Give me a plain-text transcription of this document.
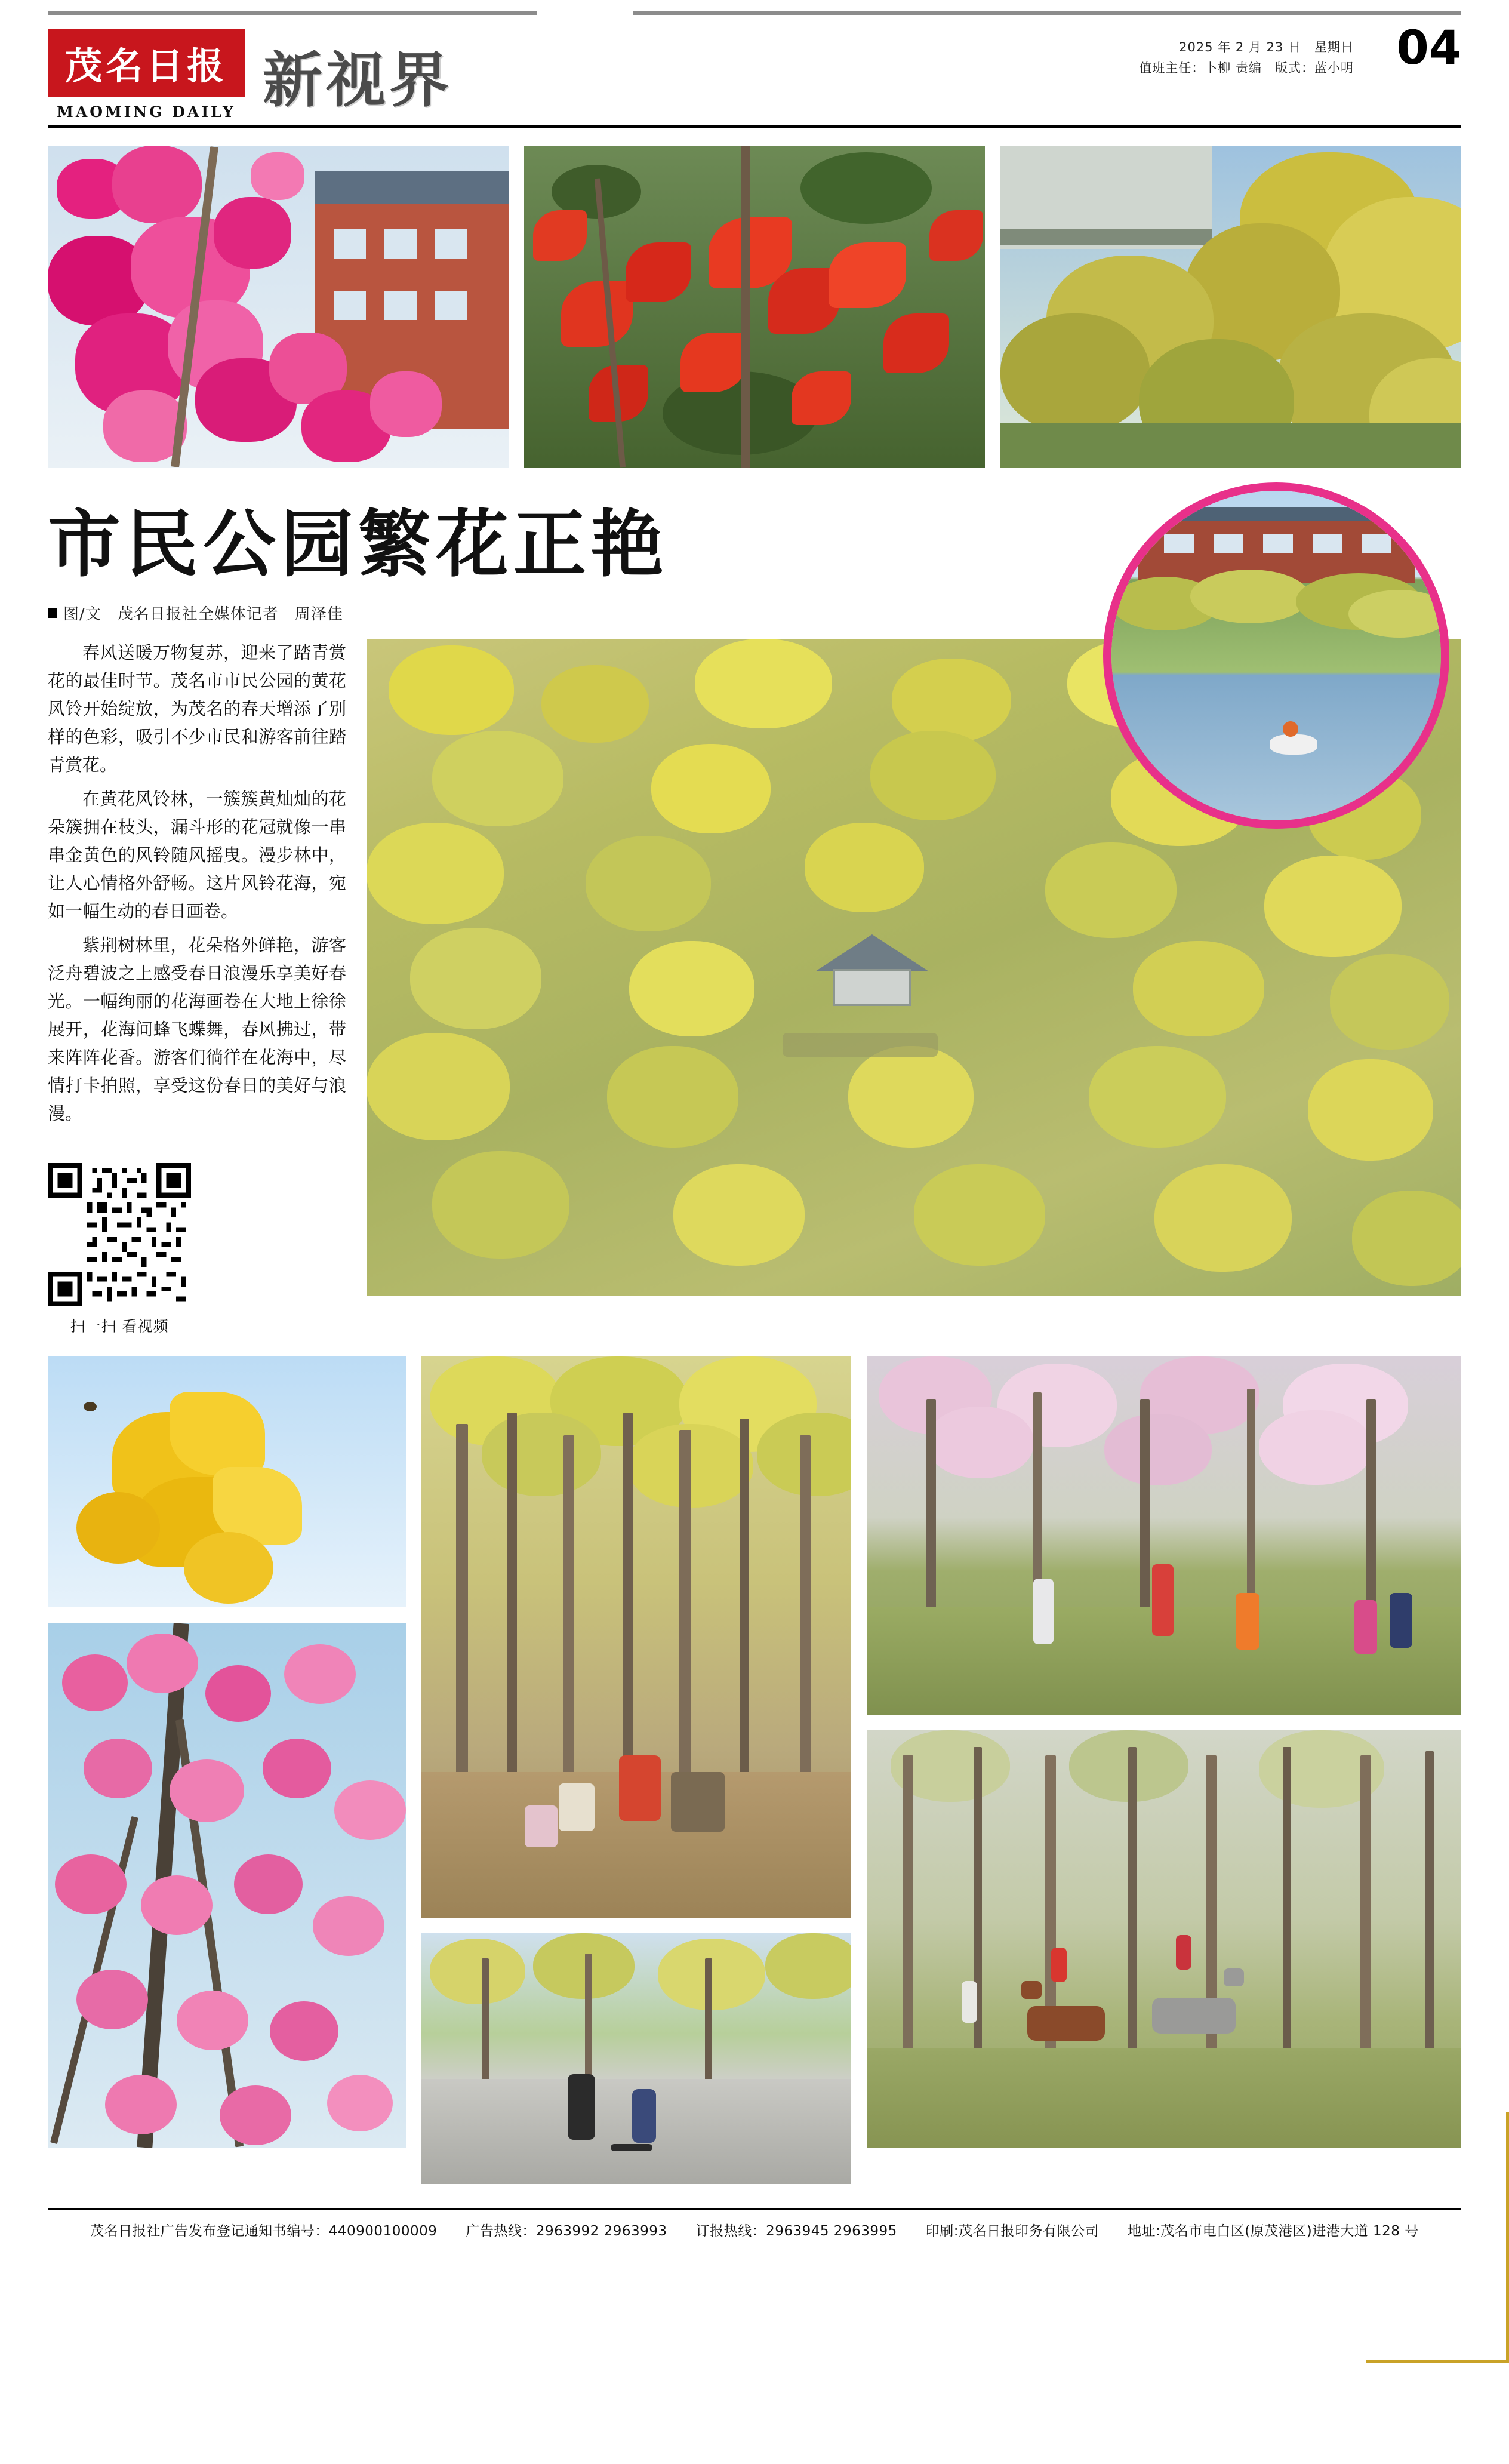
茂名日报
MAOMING DAILY 新视界	2025 年 2 月 23 日　星期日
值班主任：卜柳 责编　版式：蓝小明 04
市民公园繁花正艳
图/文　茂名日报社全媒体记者　周泽佳

春风送暖万物复苏，迎来了踏青赏花的最佳时节。茂名市市民公园的黄花风铃开始绽放，为茂名的春天增添了别样的色彩，吸引不少市民和游客前往踏青赏花。

在黄花风铃林，一簇簇黄灿灿的花朵簇拥在枝头，漏斗形的花冠就像一串串金黄色的风铃随风摇曳。漫步林中，让人心情格外舒畅。这片风铃花海，宛如一幅生动的春日画卷。

紫荆树林里，花朵格外鲜艳，游客泛舟碧波之上感受春日浪漫乐享美好春光。一幅绚丽的花海画卷在大地上徐徐展开，花海间蜂飞蝶舞，春风拂过，带来阵阵花香。游客们徜徉在花海中，尽情打卡拍照，享受这份春日的美好与浪漫。

扫一扫 看视频
茂名日报社广告发布登记通知书编号：440900100009 广告热线：2963992 2963993 订报热线：2963945 2963995 印刷:茂名日报印务有限公司 地址:茂名市电白区(原茂港区)进港大道 128 号
